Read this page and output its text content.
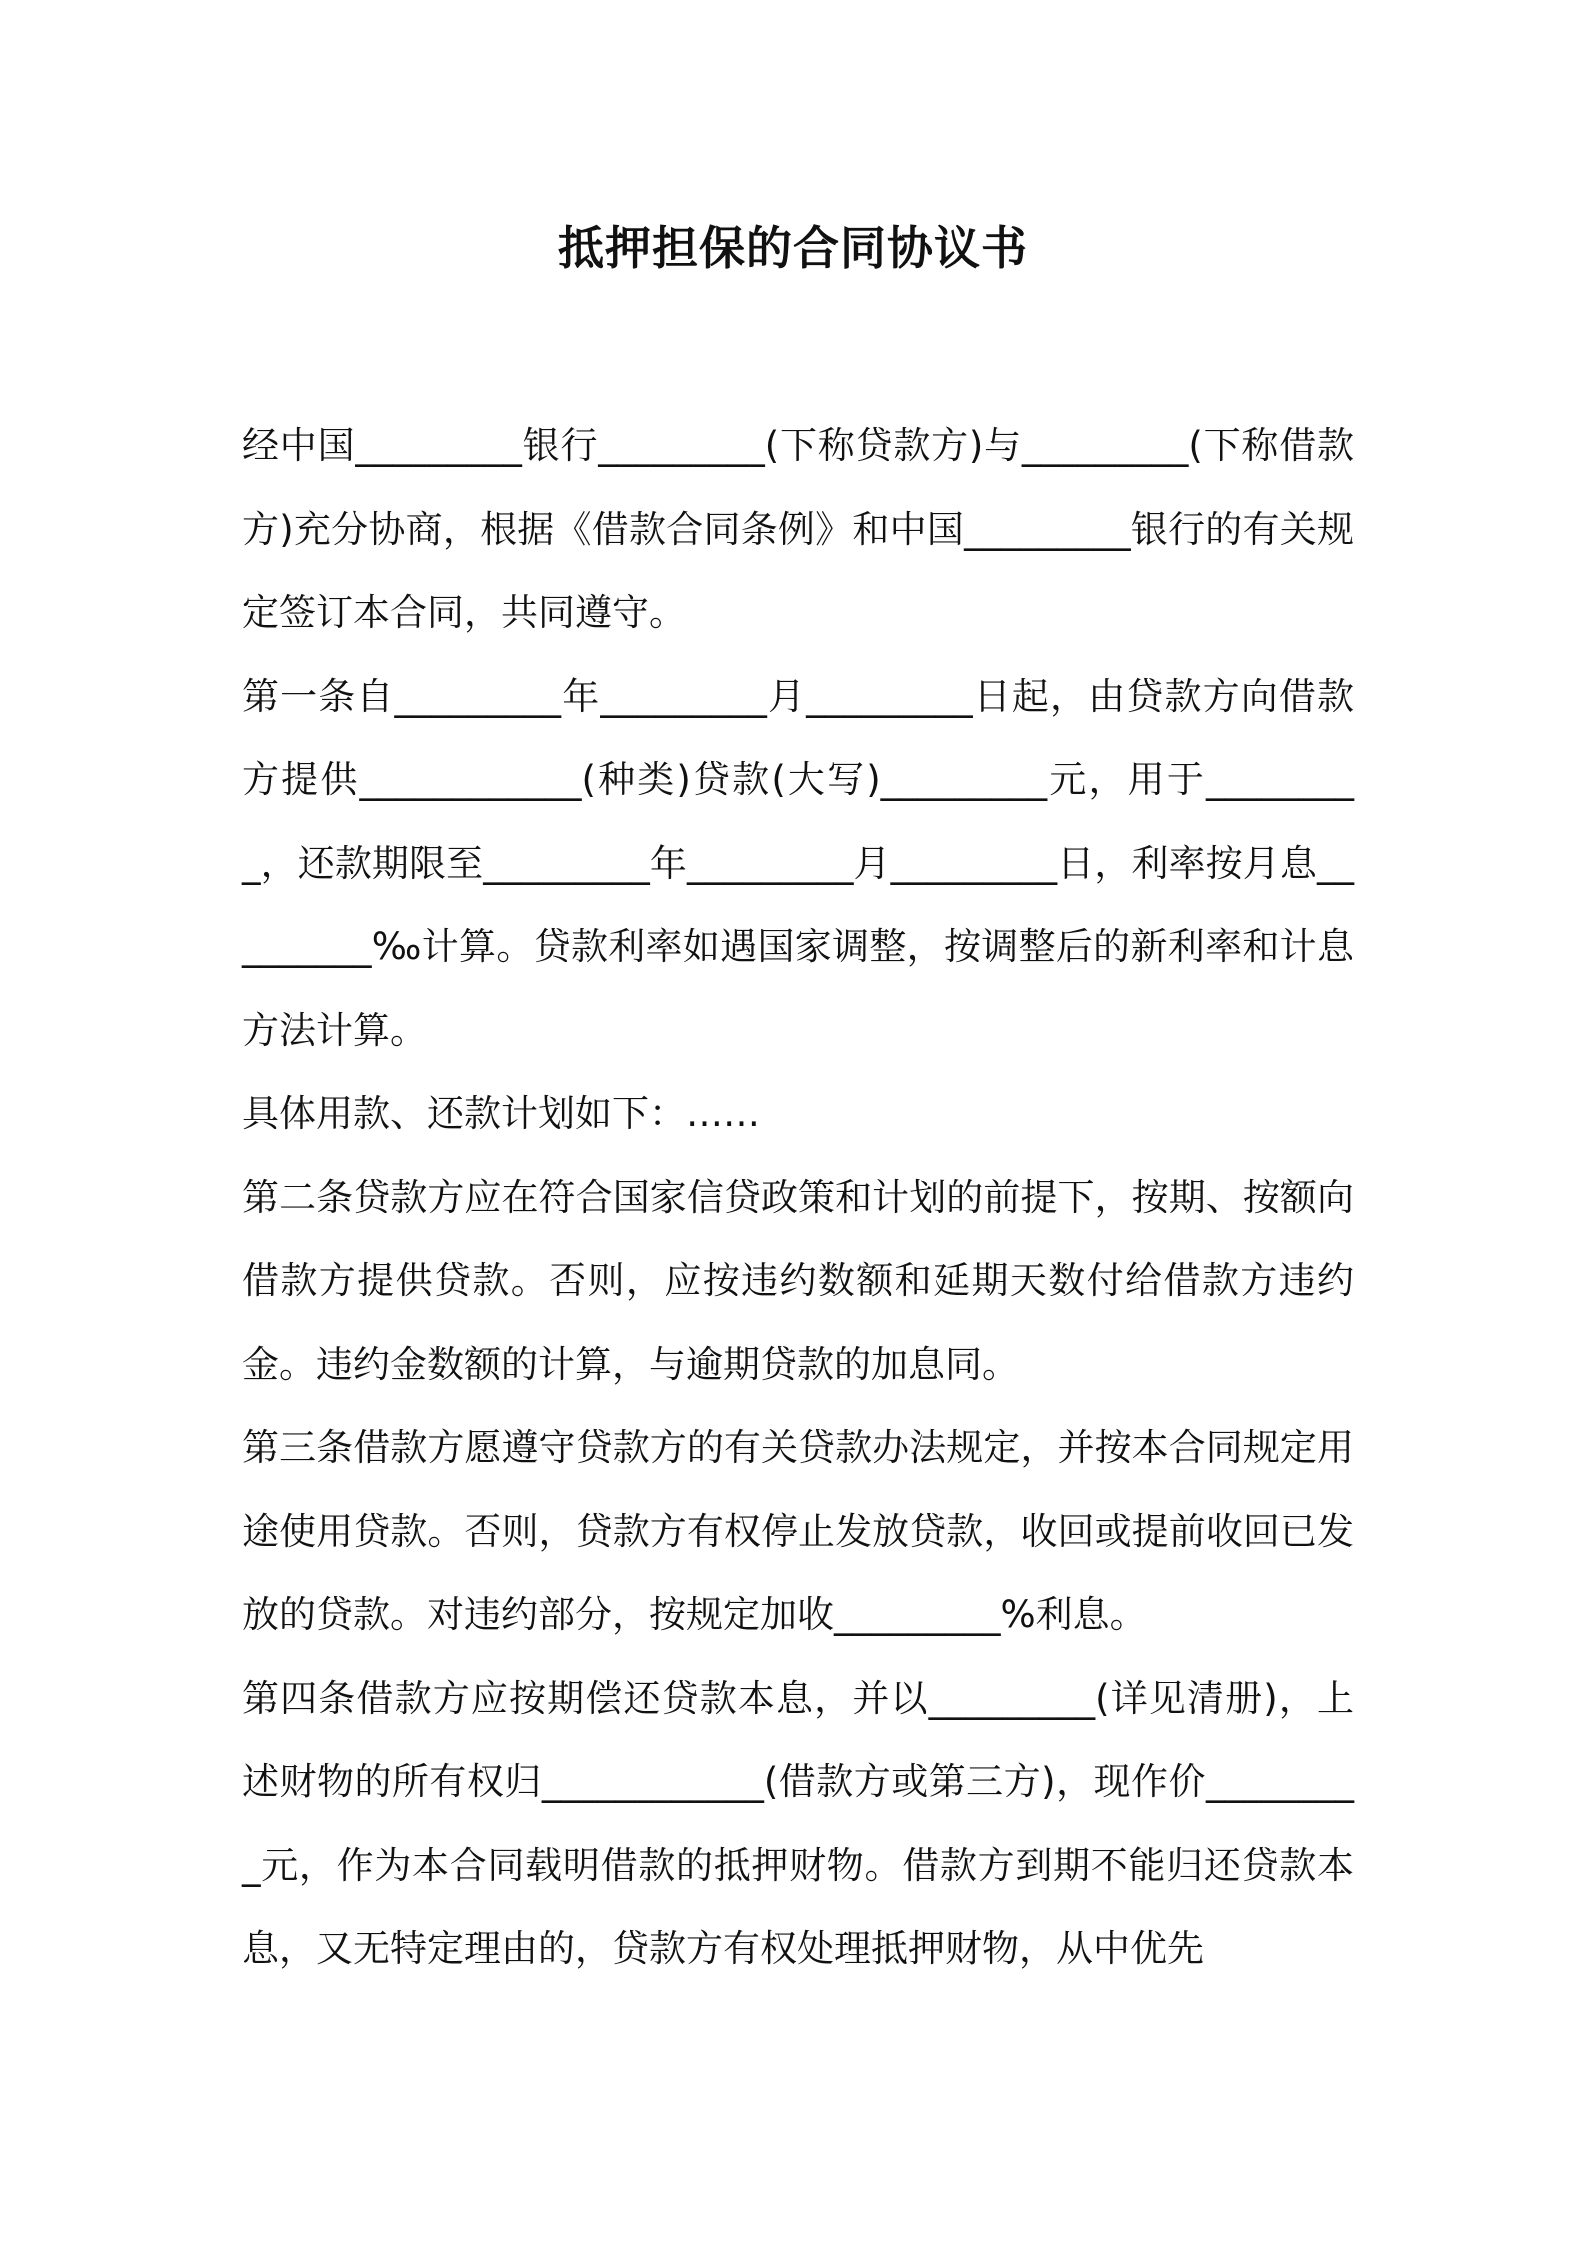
抵押担保的合同协议书

经中国_________银行_________(下称贷款方)与_________(下称借款方)充分协商，根据《借款合同条例》和中国_________银行的有关规定签订本合同，共同遵守。

第一条自_________年_________月_________日起，由贷款方向借款方提供____________(种类)贷款(大写)_________元，用于_________，还款期限至_________年_________月_________日，利率按月息_________‰计算。贷款利率如遇国家调整，按调整后的新利率和计息方法计算。

具体用款、还款计划如下：……

第二条贷款方应在符合国家信贷政策和计划的前提下，按期、按额向借款方提供贷款。否则，应按违约数额和延期天数付给借款方违约金。违约金数额的计算，与逾期贷款的加息同。

第三条借款方愿遵守贷款方的有关贷款办法规定，并按本合同规定用途使用贷款。否则，贷款方有权停止发放贷款，收回或提前收回已发放的贷款。对违约部分，按规定加收_________%利息。

第四条借款方应按期偿还贷款本息，并以_________(详见清册)，上述财物的所有权归____________(借款方或第三方)，现作价_________元，作为本合同载明借款的抵押财物。借款方到期不能归还贷款本息，又无特定理由的，贷款方有权处理抵押财物，从中优先
